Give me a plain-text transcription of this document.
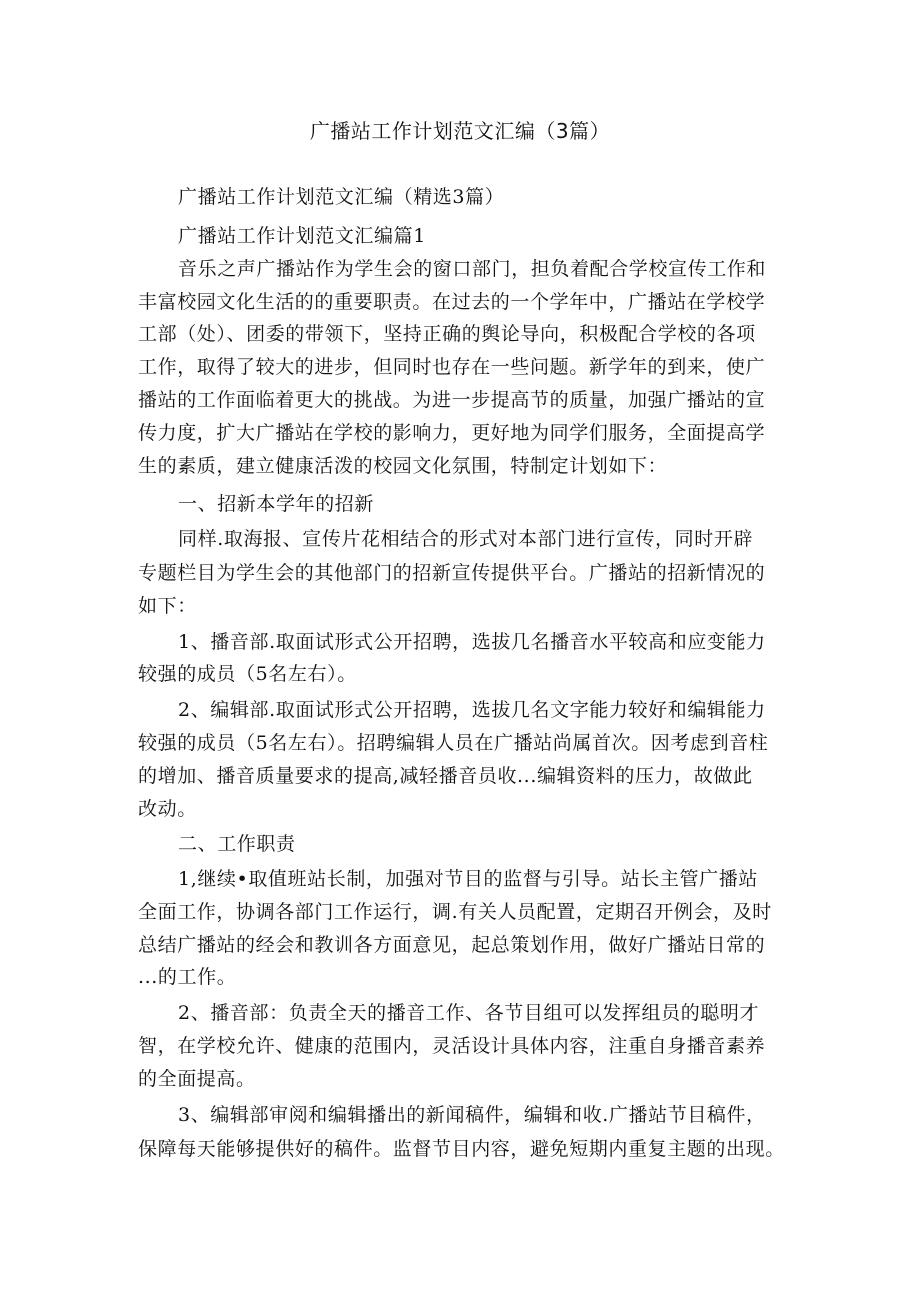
广播站工作计划范文汇编（3篇）
广播站工作计划范文汇编（精选3篇）
广播站工作计划范文汇编篇1
音乐之声广播站作为学生会的窗口部门，担负着配合学校宣传工作和
丰富校园文化生活的的重要职责。在过去的一个学年中，广播站在学校学
工部（处）、团委的带领下，坚持正确的舆论导向，积极配合学校的各项
工作，取得了较大的进步，但同时也存在一些问题。新学年的到来，使广
播站的工作面临着更大的挑战。为进一步提高节的质量，加强广播站的宣
传力度，扩大广播站在学校的影响力，更好地为同学们服务，全面提高学
生的素质，建立健康活泼的校园文化氛围，特制定计划如下：
一、招新本学年的招新
同样.取海报、宣传片花相结合的形式对本部门进行宣传，同时开辟
专题栏目为学生会的其他部门的招新宣传提供平台。广播站的招新情况的
如下：
1、播音部.取面试形式公开招聘，选拔几名播音水平较高和应变能力
较强的成员（5名左右）。
2、编辑部.取面试形式公开招聘，选拔几名文字能力较好和编辑能力
较强的成员（5名左右）。招聘编辑人员在广播站尚属首次。因考虑到音柱
的增加、播音质量要求的提高,减轻播音员收...编辑资料的压力，故做此
改动。
二、工作职责
1,继续•取值班站长制，加强对节目的监督与引导。站长主管广播站
全面工作，协调各部门工作运行，调.有关人员配置，定期召开例会，及时
总结广播站的经会和教训各方面意见，起总策划作用，做好广播站日常的
...的工作。
2、播音部：负责全天的播音工作、各节目组可以发挥组员的聪明才
智，在学校允许、健康的范围内，灵活设计具体内容，注重自身播音素养
的全面提高。
3、编辑部审阅和编辑播出的新闻稿件，编辑和收.广播站节目稿件，
保障每天能够提供好的稿件。监督节目内容，避免短期内重复主题的出现。
